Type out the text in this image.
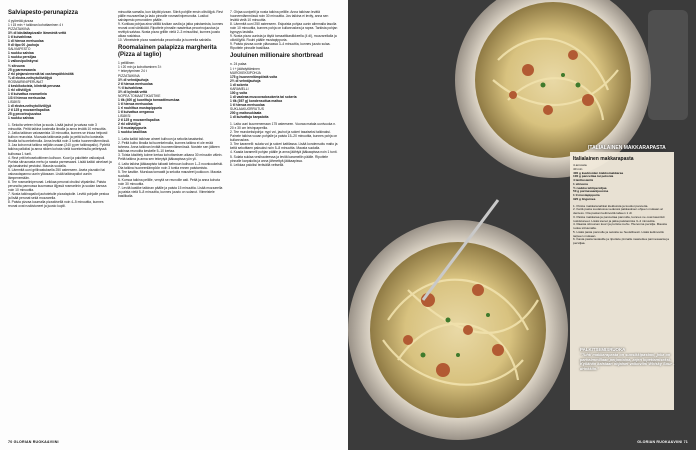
Salviapesto-perunapizza

4 pyöreää pizzaa

1 t 15 min + taikinan kohottaminen 4 t

PIZZATAIKINA

3½ dl käsilaitapizzalle lämmintä vettä

1 tl kuivahiivaa

1 dl hienoa merisuolaa

9 dl tipo 00 -jauhoja

SALVIAPESTO

1 ruukku salviaa

1 ruukku persiljaa

1 valkosipulinkynsi

½ sitruuna

25 g parmesaania

2 rkl pinjansiemeniä tai cashewpähkinöitä

¾ dl ekstra-neitsytoliiviöljyä

ROSMARIINIPERUNAT

4 keskikokoista, kiinteää perunaa

1 rkl oliiviöljyä

1 tl kuivattua rosmariinia

1/3 tl hienoa merisuolaa

LISÄKSI

1 dl ekstra-neitsytoliiviöljyä

2 tl 125 g mozzarellapalloa

25 g pecorinojuustoa

1 ruukku salviaa

1. Sekoita veteen hiiva ja suola. Lisää jauhot ja vaivaa noin 3 minuuttia. Peitä taikina kostealla liinalla ja anna levätä 10 minuuttia.

2. Jatka taikinan vaivaamista 10 minuuttia, kunnes se irtoaa helposti kulhon reunoista. Muovaia taikinasta pallo ja peitä kulho kostealla liinalla tai tuorekelmulla. Anna levätä noin 3 tuntia huoneenlämmössä.

3. Jaa kohonnut taikina neljään osaan (240 g per taikinapallo). Pyöritä taikina palloiksi ja anna niiden kohota vielä tuorekelmulla peitetyssä kulhossa 1 tunti.

4. Revi yrtit tehosekoittimen kulhoon. Kuori ja paloittele valkosipuli. Purista sitruunasta mehu ja raasta parmesaani. Lisää kaikki ainekset ja aja tasaiseksi pestoksi. Mausta suolalla.

5. Lämmitä uuni grillivastuksella 250 asteeseen. Aseta pizzakivi tai valurautapannu uunin yläosaan. Lisää taikinapallot uuniin lämpenemään.

6. Tee rosmariiniperunat. Leikkaa perunat ohuiksi viipaleiksi. Paista perunoita pannussa kuumassa öljyssä rosmariinin ja suolan kanssa noin 10 minuuttia.

7. Nosta taikinapallot jauhotetulle pizzalapiolle. Levitä pohjalle pestoa ja lisää perunat sekä mozzarella.

8. Paista pizzaa kuumalla pizzakivellä noin 4–5 minuuttia, kunnes reunat ovat ruskistuneet ja juusto kuplii.

minuuttia samalla, kun käytät pizzan. Siirrä pohjille ensin oliiviöljyä. Revi pällle mozzarellaa ja lado pinnalle rosmariiniperunoita. Lusikoi salviapesto perunoiden päälle.

9. Kurkkaa pohjaa aina välillä lusikan avulla ja jatka paistamista, kunnes reunat ovat värikkäät. Ripottele pinnalle raastettua pecorinojuustoa ja revittyä salviaa. Nosta pizza grilliin vielä 2–3 minuutiksi, kunnes juusto alkaa ruskistua.

10. Viimeistele pizza raastetulla pecorinolla ja tuoreella salvialla.

Roomalainen palapizza margherita (Pizza al taglio)

1 pellillinen

1 t 20 min ja kohottaminen 3 t

+ tekeytyminen 24 t

PIZZATAIKINA

3½ dl vehnäjauhoja

2 tl hienoa merisuolaa

½ tl kuivahiivaa

3½ dl kylmää vettä

NOPEA TOMAATTIKASTIKE

1 tlk (400 g) kuorittuja tomaattimurskaa

1 tl hienoa merisuolaa

1 rl rouhittua mustapippuria

1 tl kuivattua oreganoa

LISÄKSI

2 tl 125 g mozzarellapalloa

2 rkl oliiviöljyä

1 tl mustapippuria

1 ruukku basilikaa

1. Laita kaikki taikinan aineet kulhoon ja sekoita tasaiseksi.

2. Peitä kulho liinalla tai tuorekelmulla, kunnes taikina ei ole enää tahmea. Anna taikinan levätä huoneenlämmössä. Nostele sen jälkeen taikinaa reunoilta keskelle 5–10 kertaa.

3. Toista käsittely kolme kertaa kohottamisen aikana 30 minuutin välein. Peitä taikina ja anna sen tekeytyä jääkaapissa yön yli.

4. Laita taikina jääkaapista tuikasti kelmuun kulhoon 1–3 noonkoukelski. Ota taikina huoneenlämpöön noin 3 tuntia ennen paistamista.

5. Tee kastike. Murskaa tomaatit ja sekoita mausteet joukkoon. Mausta suolalla.

6. Kumoa taikina pellille, venytä se reunoille asti. Peitä ja anna kohota noin 30 minuuttia.

7. Levitä kastike taikinan päälle ja paista 15 minuuttia. Lisää mozzarella ja paista vielä 5–8 minuuttia, kunnes juusto on sulanut. Viimeistele basilikalla.

7. Ohjaa uunipelti ja nosta taikina pellille. Anna taikinan levätä huoneenlämmössä noin 30 minuuttia. Jos taikina ei levity, anna sen levätä vielä 10 minuuttia.

8. Lämmitä uuni 250 asteeseen. Esipaista pohjaa uunin alimmalla tasolla noin 10 minuuttia, kunnes pohja on kullanruskea ja rapea. Tarkista pohjan kypsyys lastalla.

9. Nosta pizza uunista ja täytä tomaattikastikkeella (4 dl), mozzarellalla ja oliiviöljyllä. Rouhi päälle mustapippuria.

9. Paista pizzaa uunin yläosassa 3–4 minuuttia, kunnes juusto sulaa. Ripottele pinnalle basilikaa.

Jouluinen millionaire shortbread

n. 24 palaa

1 t + jäähdyttäminen

MUROKEKSIPOHJA

175 g huoneenlämpöistä voita

2½ dl vehnäjauhoja

1 dl sokeria

KARAMELLI

100 g voita

1 dl vaaleaa muscovadosokeria tai sokeria

1 tlk (397 g) kondensoitua maitoa

1 tl hienoa merisuolaa

SUKLAAKUORRUTUS

200 g maitosuklaata

1 dl kuivattuja karpaloita

1. Laita uuni kuumenemaan 175 asteeseen. Vuoraa matala uunivuoka n. 20 x 30 cm leivinpaperilla.

2. Tee murokeksipohja: nypi voi, jauhot ja sokeri tasaiseksi taikinaksi. Painele taikina vuoan pohjalle ja paista 15–20 minuuttia, kunnes pohja on kullanruskea.

3. Tee karamelli: sulata voi ja sokeri kattilassa. Lisää kondensoitu maito ja keitä sekoittaen paksuksi noin 5–8 minuuttia. Mausta suolalla.

4. Kaada karamelli pohjan päälle ja anna jäähtyä jääkaapissa noin 1 tunti.

5. Sulata suklaa vesihauteessa ja levitä karamellin päälle. Ripottele pinnalle karpaloita ja anna jähmettyä jääkaapissa.

6. Leikkaa paloiksi terävällä veitsellä.

70 GLORIAN RUOKA&VIINI
ITALIALAINEN MAKKARAPASTA
Italialainen makkarapasta

4 annosta

40 min

400 g kuubioiden kiekkomakkaraa

100 g pancettaa tai pekonia

4 lanttusientä

1 sitruuna

½ ruukku lehtipersiljaa

50 g parmesaanijuustoa

1 tl mustapippuria

320 g linguinea

1. Poista makkaranahkat kiekkoista ja kuutioi pancetta.

2. Keitä pasta suolatussa vedessä pakkauksen ohjeen mukaan al dentess. Ota pastan keitinvettä talteen 1 dl.

3. Paista makkaraa ja pancettaa pannulla, kunnes ne ovat kauniisti ruskistuneet. Lisää sienet ja jatka paistamista 3–4 minuuttia.

4. Raasta sitruunan kuori ja purista mehu. Hienonna persilja. Mausta ruoka sitruunalla.

5. Lisää pasta pannulle ja sekoita se huolellisesti. Lisää keitinvettä tarpeen mukaan.

6. Kasta pasta lautasille ja ripottele pinnalle raastettua parmesaania ja persiljaa.

PALKITSEMISRUOKA
"Tuhti makkarapasta on suosikkipastani, joka on parhaimmillaan perjantaina, arjen lopettamiseksi. Kyllähän kaisiaan ohjaiset valkoviini Whisky Sour -drinkkiin."
GLORIAN RUOKA&VIINI 71
